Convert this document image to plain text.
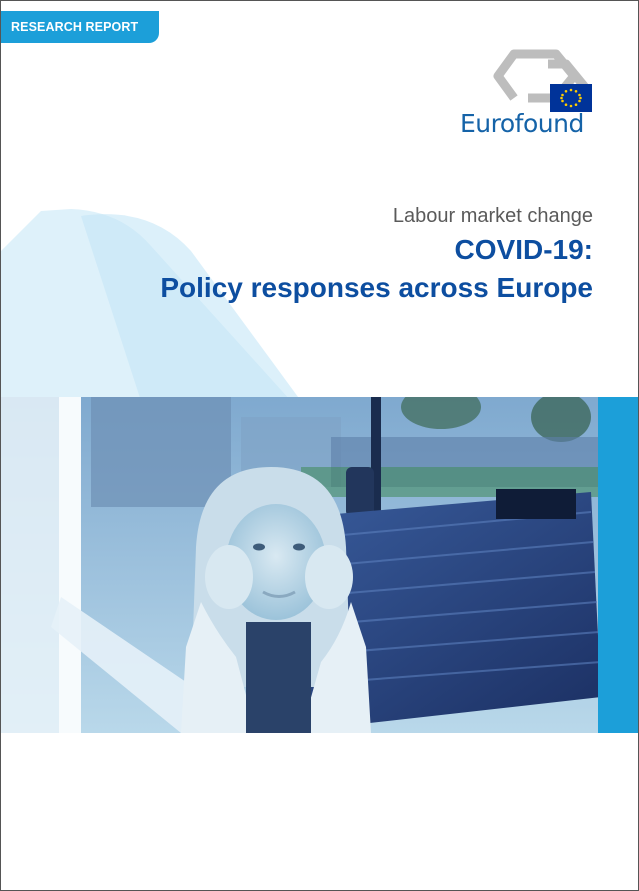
RESEARCH REPORT
Eurofound
Labour market change
COVID-19:
Policy responses across Europe
